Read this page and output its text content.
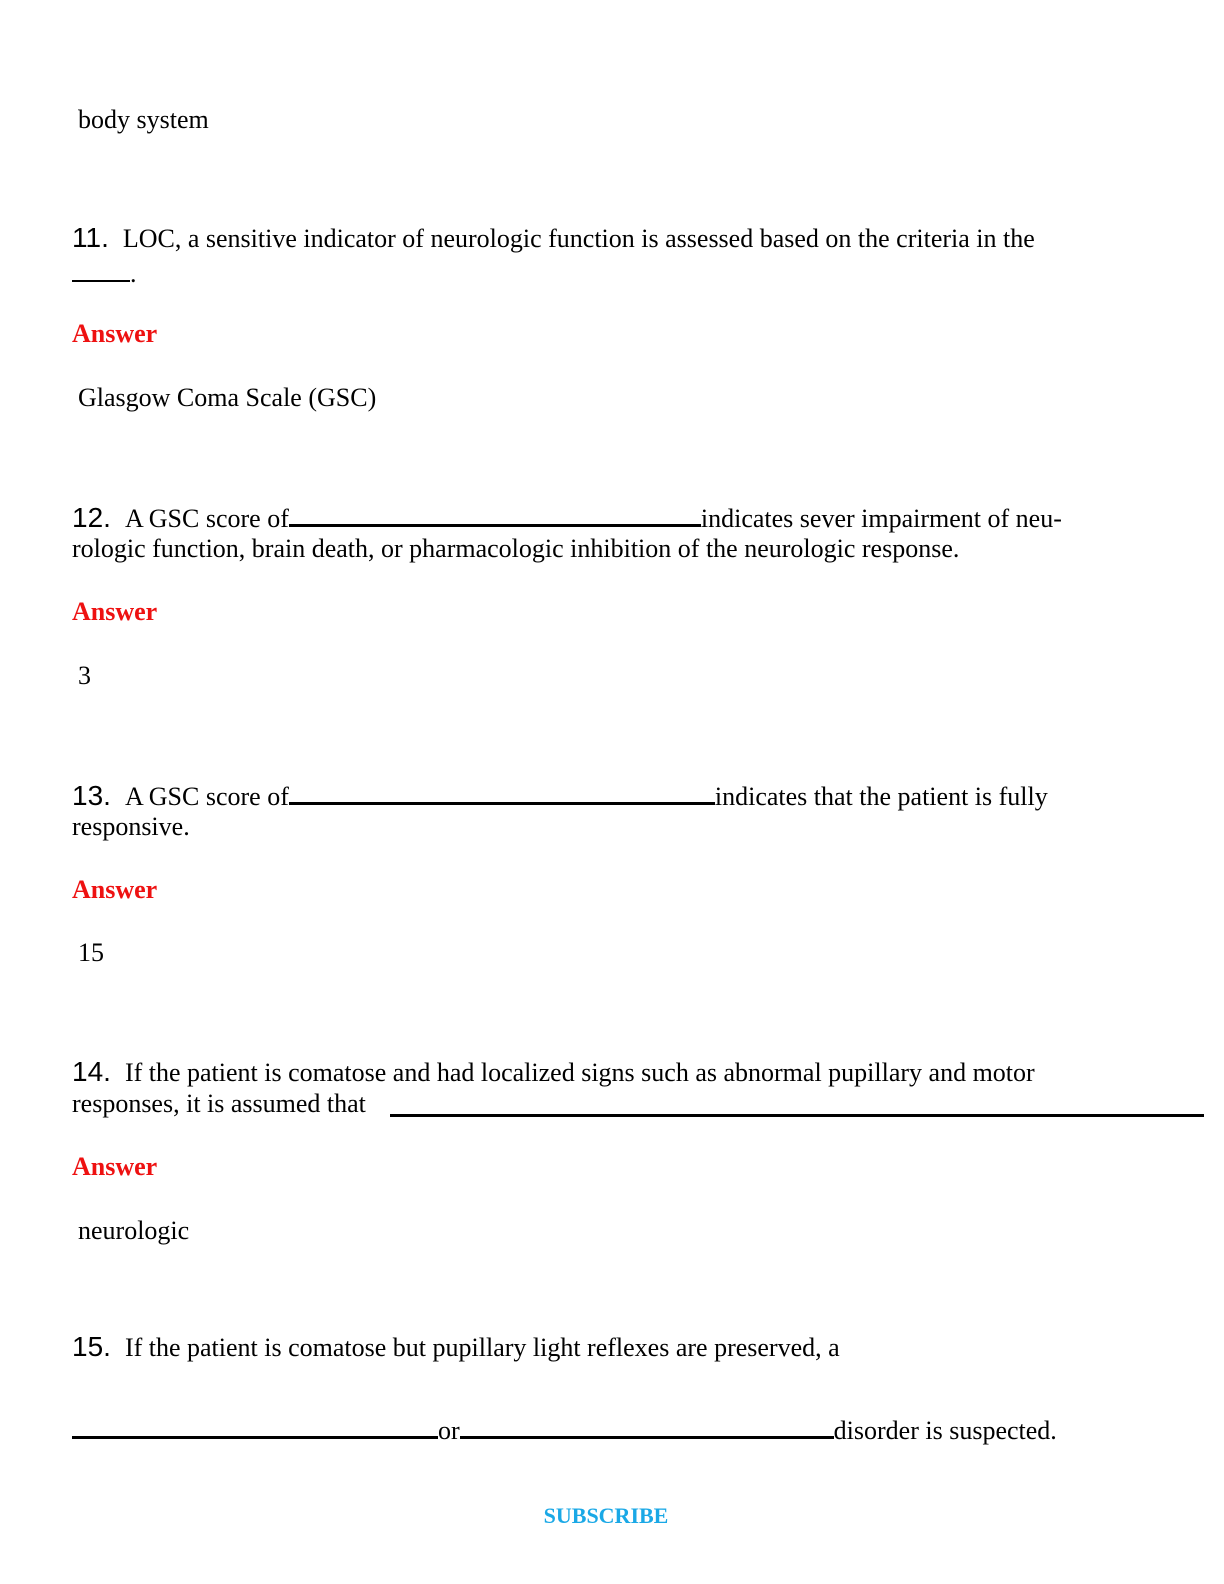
body system
11. LOC, a sensitive indicator of neurologic function is assessed based on the criteria in the
.
Answer
Glasgow Coma Scale (GSC)
12. A GSC score of	indicates sever impairment of neu-
rologic function, brain death, or pharmacologic inhibition of the neurologic response.
Answer
3
13. A GSC score of	indicates that the patient is fully
responsive.
Answer
15
14. If the patient is comatose and had localized signs such as abnormal pupillary and motor
responses, it is assumed that
Answer
neurologic
15. If the patient is comatose but pupillary light reflexes are preserved, a
or	disorder is suspected.
SUBSCRIBE
